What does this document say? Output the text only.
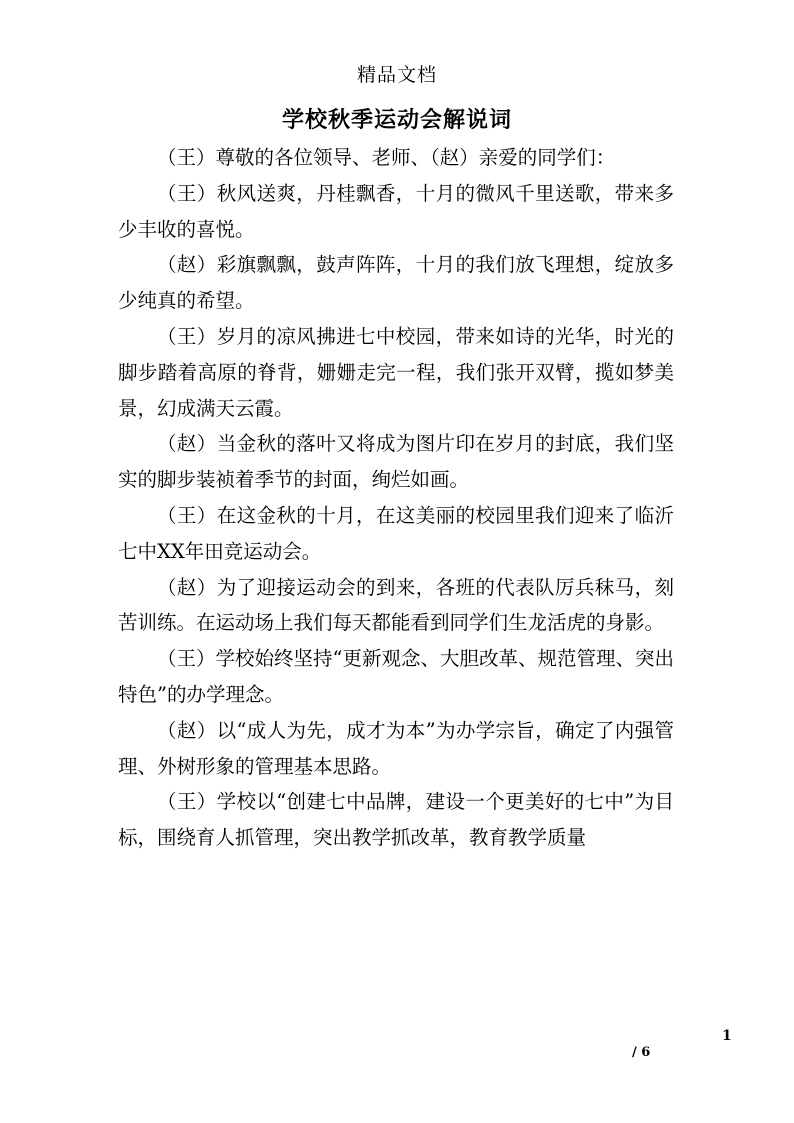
精品文档
学校秋季运动会解说词

（王）尊敬的各位领导、老师、（赵）亲爱的同学们：

（王）秋风送爽，丹桂飘香，十月的微风千里送歌，带来多少丰收的喜悦。

（赵）彩旗飘飘，鼓声阵阵，十月的我们放飞理想，绽放多少纯真的希望。

（王）岁月的凉风拂进七中校园，带来如诗的光华，时光的脚步踏着高原的脊背，姗姗走完一程，我们张开双臂，揽如梦美景，幻成满天云霞。

（赵）当金秋的落叶又将成为图片印在岁月的封底，我们坚实的脚步装祯着季节的封面，绚烂如画。

（王）在这金秋的十月，在这美丽的校园里我们迎来了临沂七中XX年田竞运动会。

（赵）为了迎接运动会的到来，各班的代表队厉兵秣马，刻苦训练。在运动场上我们每天都能看到同学们生龙活虎的身影。

（王）学校始终坚持“更新观念、大胆改革、规范管理、突出特色”的办学理念。

（赵）以“成人为先，成才为本”为办学宗旨，确定了内强管理、外树形象的管理基本思路。

（王）学校以“创建七中品牌，建设一个更美好的七中”为目标，围绕育人抓管理，突出教学抓改革，教育教学质量

1
/ 6
